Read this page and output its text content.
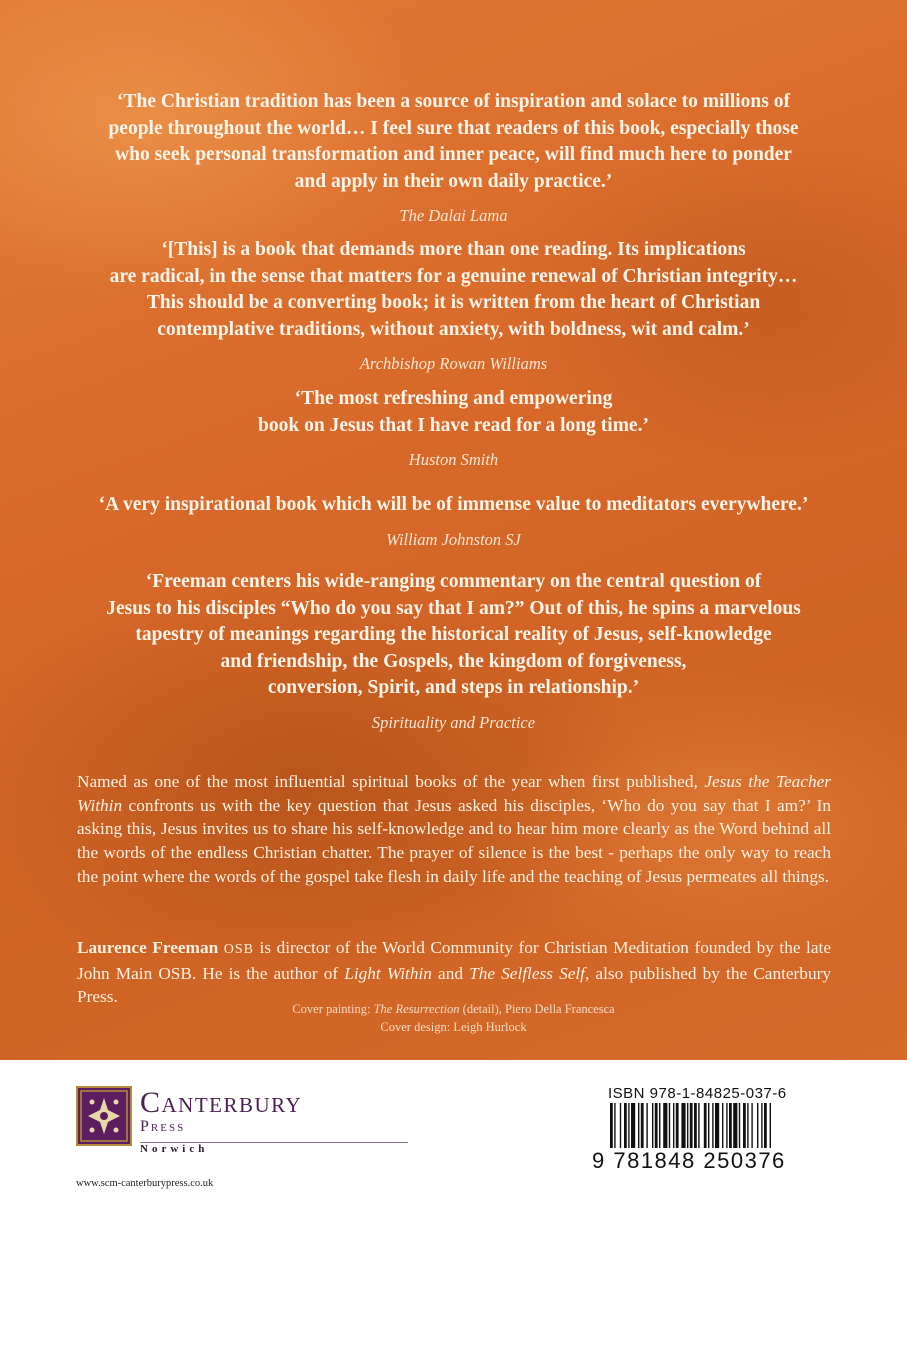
‘The Christian tradition has been a source of inspiration and solace to millions of
people throughout the world… I feel sure that readers of this book, especially those
who seek personal transformation and inner peace, will find much here to ponder
and apply in their own daily practice.’

The Dalai Lama

‘[This] is a book that demands more than one reading. Its implications
are radical, in the sense that matters for a genuine renewal of Christian integrity…
This should be a converting book; it is written from the heart of Christian
contemplative traditions, without anxiety, with boldness, wit and calm.’

Archbishop Rowan Williams

‘The most refreshing and empowering
book on Jesus that I have read for a long time.’

Huston Smith

‘A very inspirational book which will be of immense value to meditators everywhere.’

William Johnston SJ

‘Freeman centers his wide-ranging commentary on the central question of
Jesus to his disciples “Who do you say that I am?” Out of this, he spins a marvelous
tapestry of meanings regarding the historical reality of Jesus, self-knowledge
and friendship, the Gospels, the kingdom of forgiveness,
conversion, Spirit, and steps in relationship.’

Spirituality and Practice

Named as one of the most influential spiritual books of the year when first published, Jesus the Teacher Within confronts us with the key question that Jesus asked his disciples, ‘Who do you say that I am?’ In asking this, Jesus invites us to share his self-knowledge and to hear him more clearly as the Word behind all the words of the endless Christian chatter. The prayer of silence is the best - perhaps the only way to reach the point where the words of the gospel take flesh in daily life and the teaching of Jesus permeates all things.

Laurence Freeman OSB is director of the World Community for Christian Meditation founded by the late John Main OSB. He is the author of Light Within and The Selfless Self, also published by the Canterbury Press.

Cover painting: The Resurrection (detail), Piero Della Francesca
Cover design: Leigh Hurlock
Canterbury
Press
Norwich
www.scm-canterburypress.co.uk
ISBN 978-1-84825-037-6
9 781848 250376
